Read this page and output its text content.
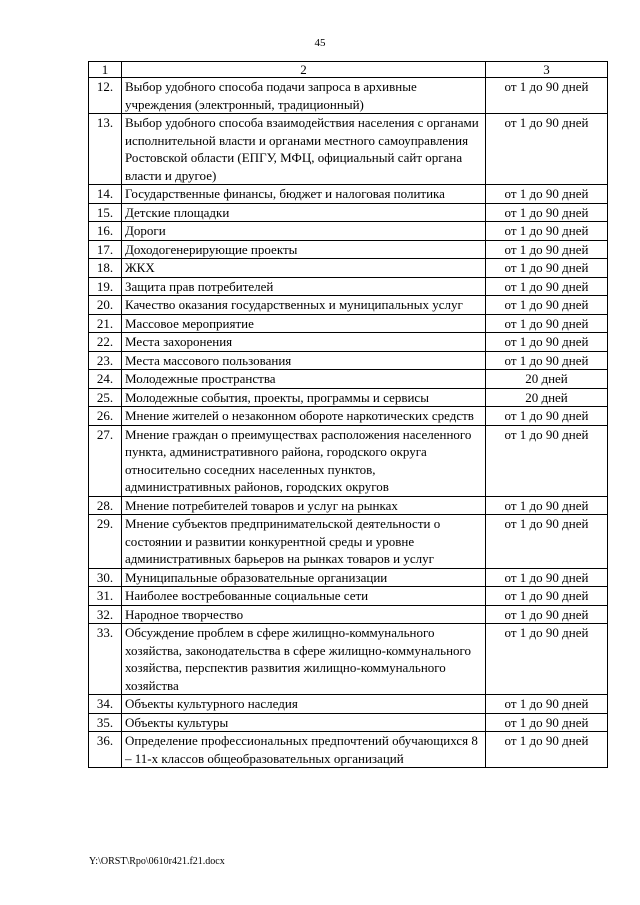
45
1	2	3
12.	Выбор удобного способа подачи запроса в архивные учреждения (электронный, традиционный)	от 1 до 90 дней
13.	Выбор удобного способа взаимодействия населения с органами исполнительной власти и органами местного самоуправления Ростовской области (ЕПГУ, МФЦ, официальный сайт органа власти и другое)	от 1 до 90 дней
14.	Государственные финансы, бюджет и налоговая политика	от 1 до 90 дней
15.	Детские площадки	от 1 до 90 дней
16.	Дороги	от 1 до 90 дней
17.	Доходогенерирующие проекты	от 1 до 90 дней
18.	ЖКХ	от 1 до 90 дней
19.	Защита прав потребителей	от 1 до 90 дней
20.	Качество оказания государственных и муниципальных услуг	от 1 до 90 дней
21.	Массовое мероприятие	от 1 до 90 дней
22.	Места захоронения	от 1 до 90 дней
23.	Места массового пользования	от 1 до 90 дней
24.	Молодежные пространства	20 дней
25.	Молодежные события, проекты, программы и сервисы	20 дней
26.	Мнение жителей о незаконном обороте наркотических средств	от 1 до 90 дней
27.	Мнение граждан о преимуществах расположения населенного пункта, административного района, городского округа относительно соседних населенных пунктов, административных районов, городских округов	от 1 до 90 дней
28.	Мнение потребителей товаров и услуг на рынках	от 1 до 90 дней
29.	Мнение субъектов предпринимательской деятельности о состоянии и развитии конкурентной среды и уровне административных барьеров на рынках товаров и услуг	от 1 до 90 дней
30.	Муниципальные образовательные организации	от 1 до 90 дней
31.	Наиболее востребованные социальные сети	от 1 до 90 дней
32.	Народное творчество	от 1 до 90 дней
33.	Обсуждение проблем в сфере жилищно-коммунального хозяйства, законодательства в сфере жилищно-коммунального хозяйства, перспектив развития жилищно-коммунального хозяйства	от 1 до 90 дней
34.	Объекты культурного наследия	от 1 до 90 дней
35.	Объекты культуры	от 1 до 90 дней
36.	Определение профессиональных предпочтений обучающихся 8 – 11-х классов общеобразовательных организаций	от 1 до 90 дней
Y:\ORST\Rpo\0610r421.f21.docx
